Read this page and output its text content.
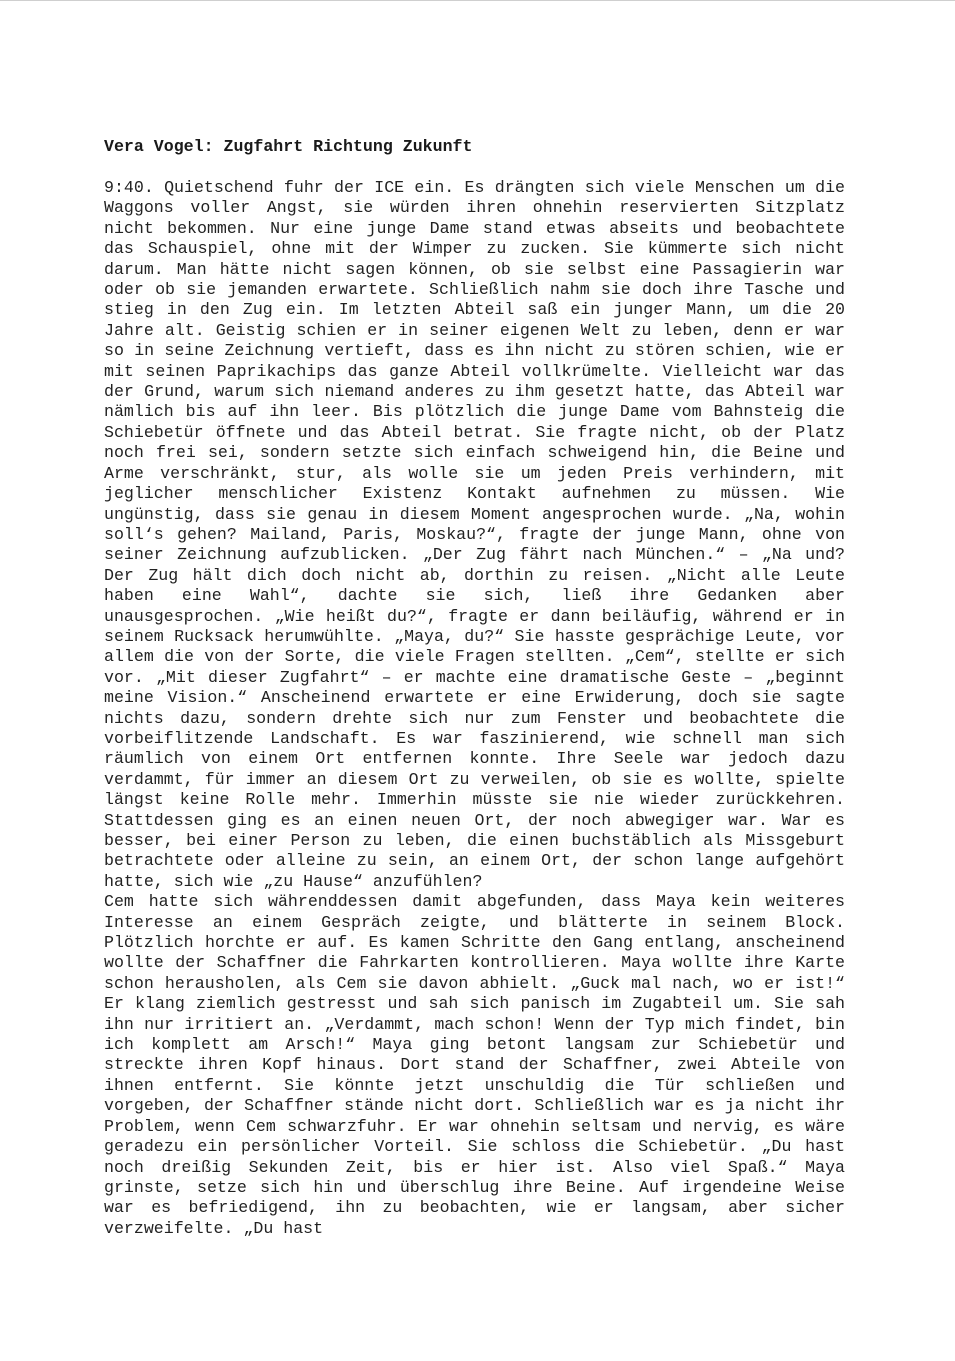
Vera Vogel: Zugfahrt Richtung Zukunft

9:40. Quietschend fuhr der ICE ein. Es drängten sich viele Menschen um die Waggons voller Angst, sie würden ihren ohnehin reservierten Sitzplatz nicht bekommen. Nur eine junge Dame stand etwas abseits und beobachtete das Schauspiel, ohne mit der Wimper zu zucken. Sie kümmerte sich nicht darum. Man hätte nicht sagen können, ob sie selbst eine Passagierin war oder ob sie jemanden erwartete. Schließlich nahm sie doch ihre Tasche und stieg in den Zug ein. Im letzten Abteil saß ein junger Mann, um die 20 Jahre alt. Geistig schien er in seiner eigenen Welt zu leben, denn er war so in seine Zeichnung vertieft, dass es ihn nicht zu stören schien, wie er mit seinen Paprikachips das ganze Abteil vollkrümelte. Vielleicht war das der Grund, warum sich niemand anderes zu ihm gesetzt hatte, das Abteil war nämlich bis auf ihn leer. Bis plötzlich die junge Dame vom Bahnsteig die Schiebetür öffnete und das Abteil betrat. Sie fragte nicht, ob der Platz noch frei sei, sondern setzte sich einfach schweigend hin, die Beine und Arme verschränkt, stur, als wolle sie um jeden Preis verhindern, mit jeglicher menschlicher Existenz Kontakt aufnehmen zu müssen. Wie ungünstig, dass sie genau in diesem Moment angesprochen wurde. „Na, wohin soll‘s gehen? Mailand, Paris, Moskau?“, fragte der junge Mann, ohne von seiner Zeichnung aufzublicken. „Der Zug fährt nach München.“ – „Na und? Der Zug hält dich doch nicht ab, dorthin zu reisen. „Nicht alle Leute haben eine Wahl“, dachte sie sich, ließ ihre Gedanken aber unausgesprochen. „Wie heißt du?“, fragte er dann beiläufig, während er in seinem Rucksack herumwühlte. „Maya, du?“ Sie hasste gesprächige Leute, vor allem die von der Sorte, die viele Fragen stellten. „Cem“, stellte er sich vor. „Mit dieser Zugfahrt“ – er machte eine dramatische Geste – „beginnt meine Vision.“ Anscheinend erwartete er eine Erwiderung, doch sie sagte nichts dazu, sondern drehte sich nur zum Fenster und beobachtete die vorbeiflitzende Landschaft. Es war faszinierend, wie schnell man sich räumlich von einem Ort entfernen konnte. Ihre Seele war jedoch dazu verdammt, für immer an diesem Ort zu verweilen, ob sie es wollte, spielte längst keine Rolle mehr. Immerhin müsste sie nie wieder zurückkehren. Stattdessen ging es an einen neuen Ort, der noch abwegiger war. War es besser, bei einer Person zu leben, die einen buchstäblich als Missgeburt betrachtete oder alleine zu sein, an einem Ort, der schon lange aufgehört hatte, sich wie „zu Hause“ anzufühlen?

Cem hatte sich währenddessen damit abgefunden, dass Maya kein weiteres Interesse an einem Gespräch zeigte, und blätterte in seinem Block. Plötzlich horchte er auf. Es kamen Schritte den Gang entlang, anscheinend wollte der Schaffner die Fahrkarten kontrollieren. Maya wollte ihre Karte schon herausholen, als Cem sie davon abhielt. „Guck mal nach, wo er ist!“ Er klang ziemlich gestresst und sah sich panisch im Zugabteil um. Sie sah ihn nur irritiert an. „Verdammt, mach schon! Wenn der Typ mich findet, bin ich komplett am Arsch!“ Maya ging betont langsam zur Schiebetür und streckte ihren Kopf hinaus. Dort stand der Schaffner, zwei Abteile von ihnen entfernt. Sie könnte jetzt unschuldig die Tür schließen und vorgeben, der Schaffner stände nicht dort. Schließlich war es ja nicht ihr Problem, wenn Cem schwarzfuhr. Er war ohnehin seltsam und nervig, es wäre geradezu ein persönlicher Vorteil. Sie schloss die Schiebetür. „Du hast noch dreißig Sekunden Zeit, bis er hier ist. Also viel Spaß.“ Maya grinste, setze sich hin und überschlug ihre Beine. Auf irgendeine Weise war es befriedigend, ihn zu beobachten, wie er langsam, aber sicher verzweifelte. „Du hast
